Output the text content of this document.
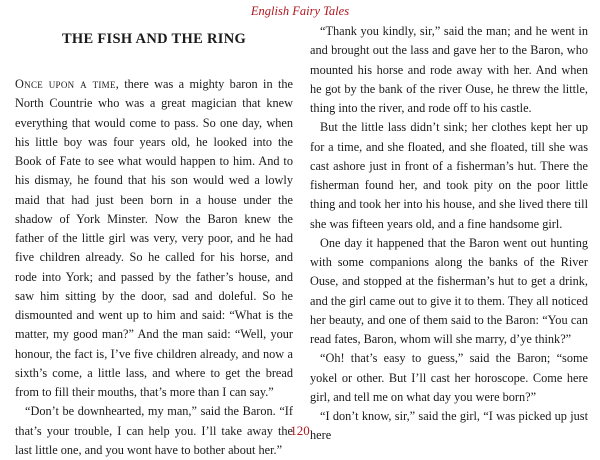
English Fairy Tales
THE FISH AND THE RING

Once upon a time, there was a mighty baron in the North Countrie who was a great magician that knew everything that would come to pass. So one day, when his little boy was four years old, he looked into the Book of Fate to see what would happen to him. And to his dismay, he found that his son would wed a lowly maid that had just been born in a house under the shadow of York Minster. Now the Baron knew the father of the little girl was very, very poor, and he had five children already. So he called for his horse, and rode into York; and passed by the father’s house, and saw him sitting by the door, sad and doleful. So he dismounted and went up to him and said: “What is the matter, my good man?” And the man said: “Well, your honour, the fact is, I’ve five children already, and now a sixth’s come, a little lass, and where to get the bread from to fill their mouths, that’s more than I can say.”

“Don’t be downhearted, my man,” said the Baron. “If that’s your trouble, I can help you. I’ll take away the last little one, and you wont have to bother about her.”

“Thank you kindly, sir,” said the man; and he went in and brought out the lass and gave her to the Baron, who mounted his horse and rode away with her. And when he got by the bank of the river Ouse, he threw the little, thing into the river, and rode off to his castle.

But the little lass didn’t sink; her clothes kept her up for a time, and she floated, and she floated, till she was cast ashore just in front of a fisherman’s hut. There the fisherman found her, and took pity on the poor little thing and took her into his house, and she lived there till she was fifteen years old, and a fine handsome girl.

One day it happened that the Baron went out hunting with some companions along the banks of the River Ouse, and stopped at the fisherman’s hut to get a drink, and the girl came out to give it to them. They all noticed her beauty, and one of them said to the Baron: “You can read fates, Baron, whom will she marry, d’ye think?”

“Oh! that’s easy to guess,” said the Baron; “some yokel or other. But I’ll cast her horoscope. Come here girl, and tell me on what day you were born?”

“I don’t know, sir,” said the girl, “I was picked up just here

120
